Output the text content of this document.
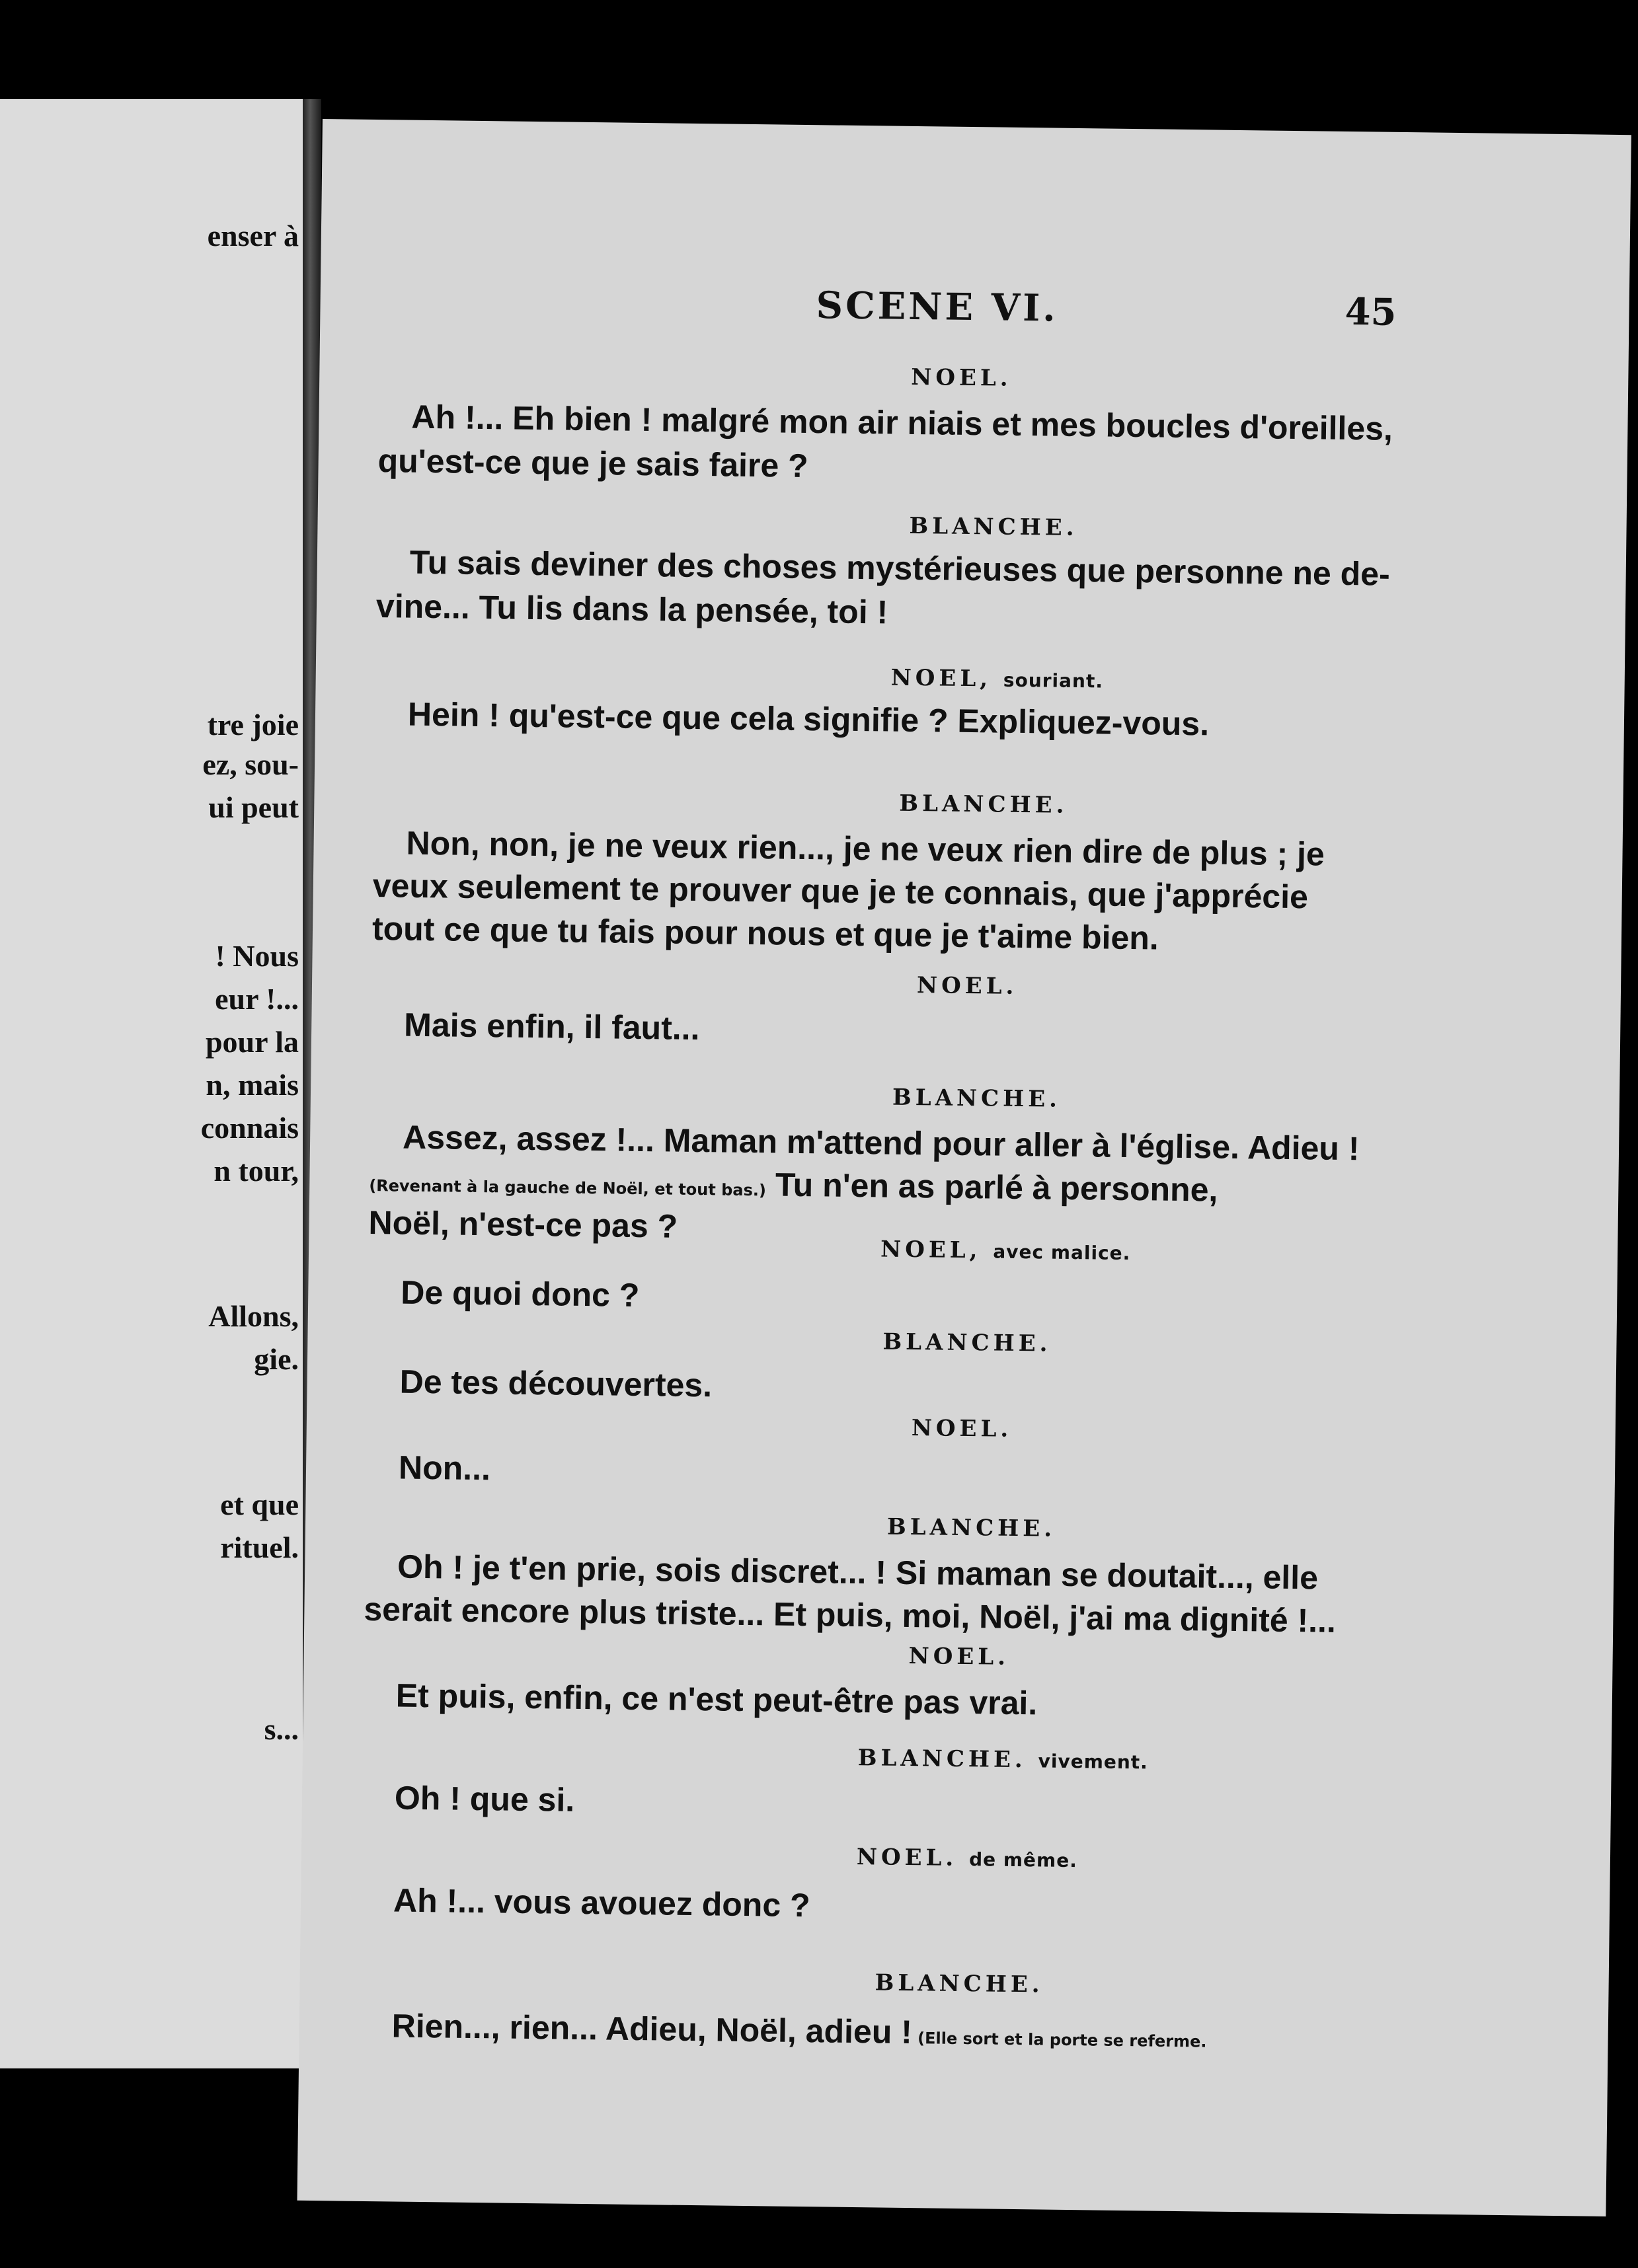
enser à
tre joie
ez, sou-
ui peut
! Nous
eur !...
pour la
n, mais
connais
n tour,
Allons,
gie.
et que
rituel.
s...
SCENE VI.	45
NOEL.
Ah !... Eh bien ! malgré mon air niais et mes boucles d'oreilles,
qu'est-ce que je sais faire ?
BLANCHE.
Tu sais deviner des choses mystérieuses que personne ne de-
vine... Tu lis dans la pensée, toi !
NOEL, souriant.
Hein ! qu'est-ce que cela signifie ? Expliquez-vous.
BLANCHE.
Non, non, je ne veux rien..., je ne veux rien dire de plus ; je
veux seulement te prouver que je te connais, que j'apprécie
tout ce que tu fais pour nous et que je t'aime bien.
NOEL.
Mais enfin, il faut...
BLANCHE.
Assez, assez !... Maman m'attend pour aller à l'église. Adieu !
(Revenant à la gauche de Noël, et tout bas.) Tu n'en as parlé à personne,
Noël, n'est-ce pas ?
NOEL, avec malice.
De quoi donc ?
BLANCHE.
De tes découvertes.
NOEL.
Non...
BLANCHE.
Oh ! je t'en prie, sois discret... ! Si maman se doutait..., elle
serait encore plus triste... Et puis, moi, Noël, j'ai ma dignité !...
NOEL.
Et puis, enfin, ce n'est peut-être pas vrai.
BLANCHE. vivement.
Oh ! que si.
NOEL. de même.
Ah !... vous avouez donc ?
BLANCHE.
Rien..., rien... Adieu, Noël, adieu ! (Elle sort et la porte se referme.
